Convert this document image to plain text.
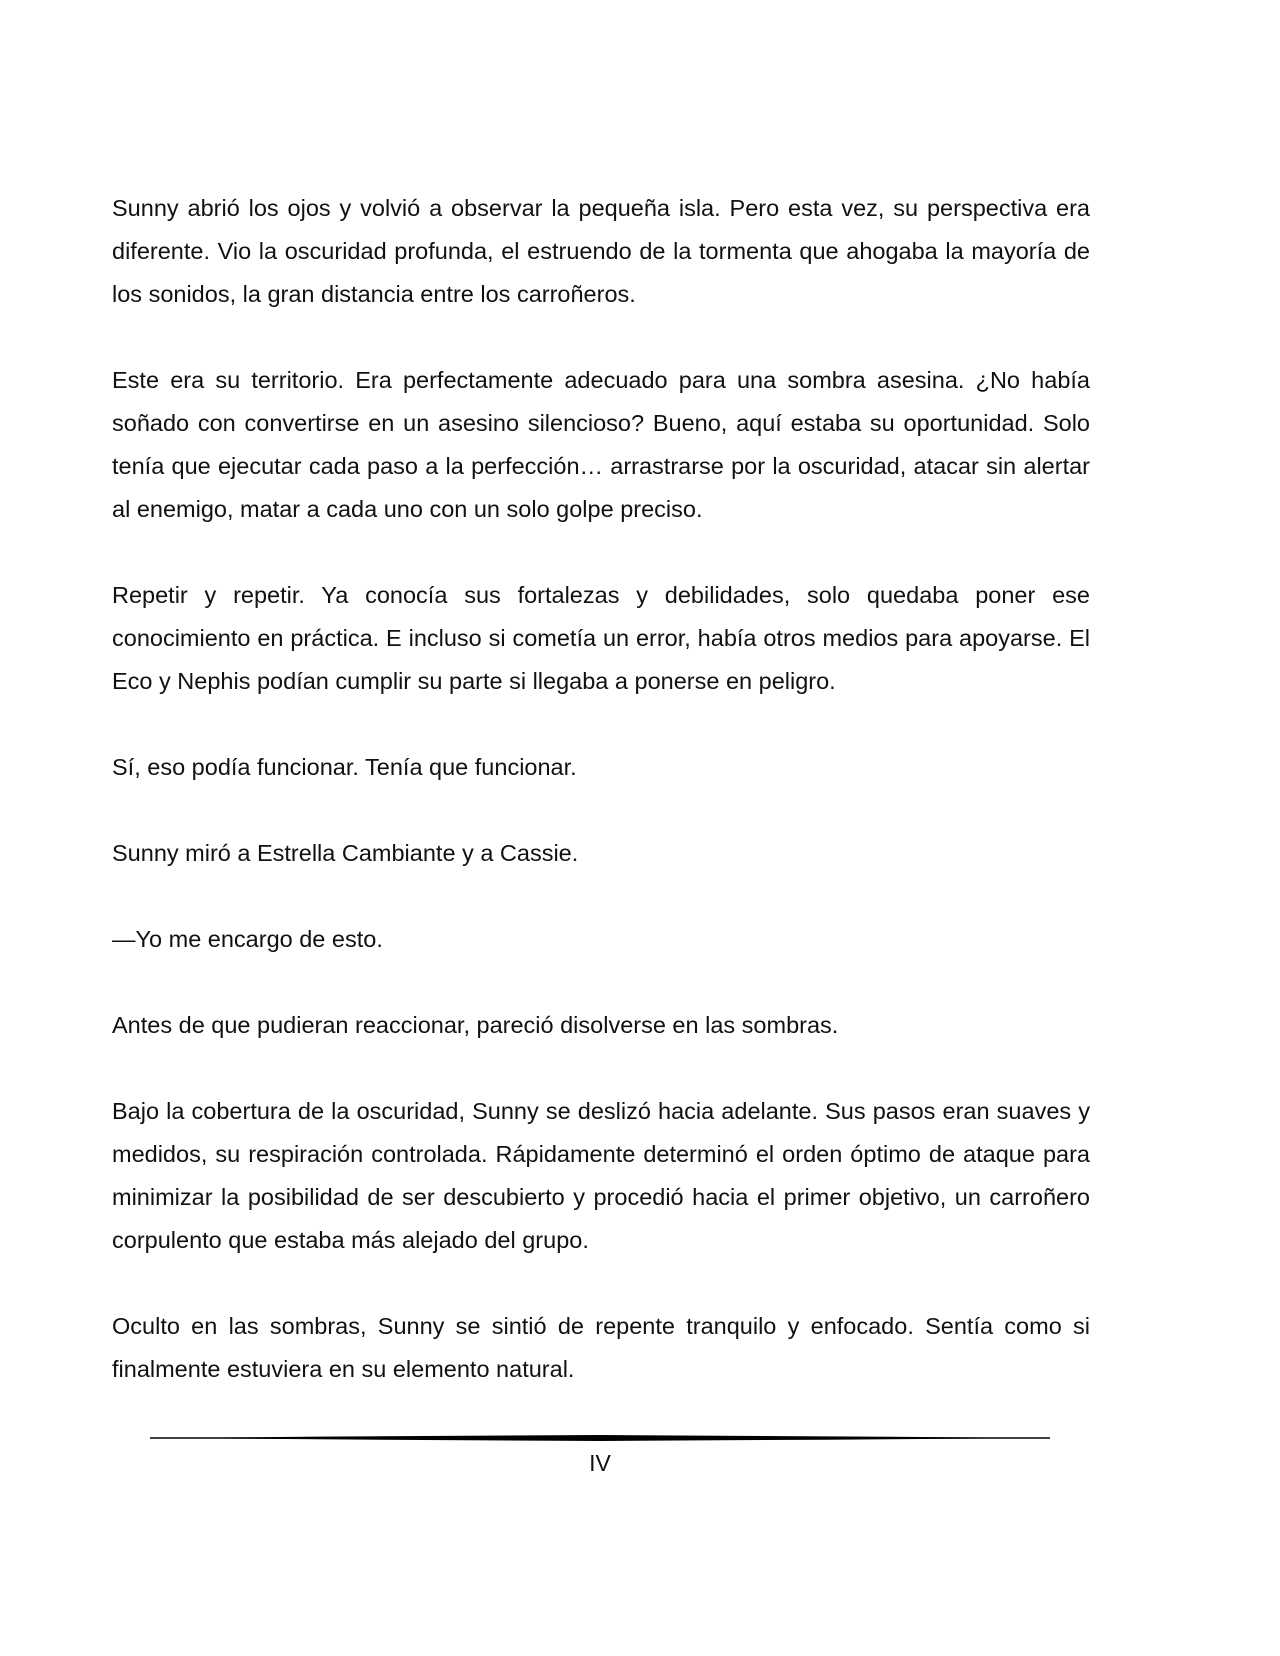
Sunny abrió los ojos y volvió a observar la pequeña isla. Pero esta vez, su perspectiva era diferente. Vio la oscuridad profunda, el estruendo de la tormenta que ahogaba la mayoría de los sonidos, la gran distancia entre los carroñeros.

Este era su territorio. Era perfectamente adecuado para una sombra asesina. ¿No había soñado con convertirse en un asesino silencioso? Bueno, aquí estaba su oportunidad. Solo tenía que ejecutar cada paso a la perfección… arrastrarse por la oscuridad, atacar sin alertar al enemigo, matar a cada uno con un solo golpe preciso.

Repetir y repetir. Ya conocía sus fortalezas y debilidades, solo quedaba poner ese conocimiento en práctica. E incluso si cometía un error, había otros medios para apoyarse. El Eco y Nephis podían cumplir su parte si llegaba a ponerse en peligro.

Sí, eso podía funcionar. Tenía que funcionar.

Sunny miró a Estrella Cambiante y a Cassie.

—Yo me encargo de esto.

Antes de que pudieran reaccionar, pareció disolverse en las sombras.

Bajo la cobertura de la oscuridad, Sunny se deslizó hacia adelante. Sus pasos eran suaves y medidos, su respiración controlada. Rápidamente determinó el orden óptimo de ataque para minimizar la posibilidad de ser descubierto y procedió hacia el primer objetivo, un carroñero corpulento que estaba más alejado del grupo.

Oculto en las sombras, Sunny se sintió de repente tranquilo y enfocado. Sentía como si finalmente estuviera en su elemento natural.

IV
